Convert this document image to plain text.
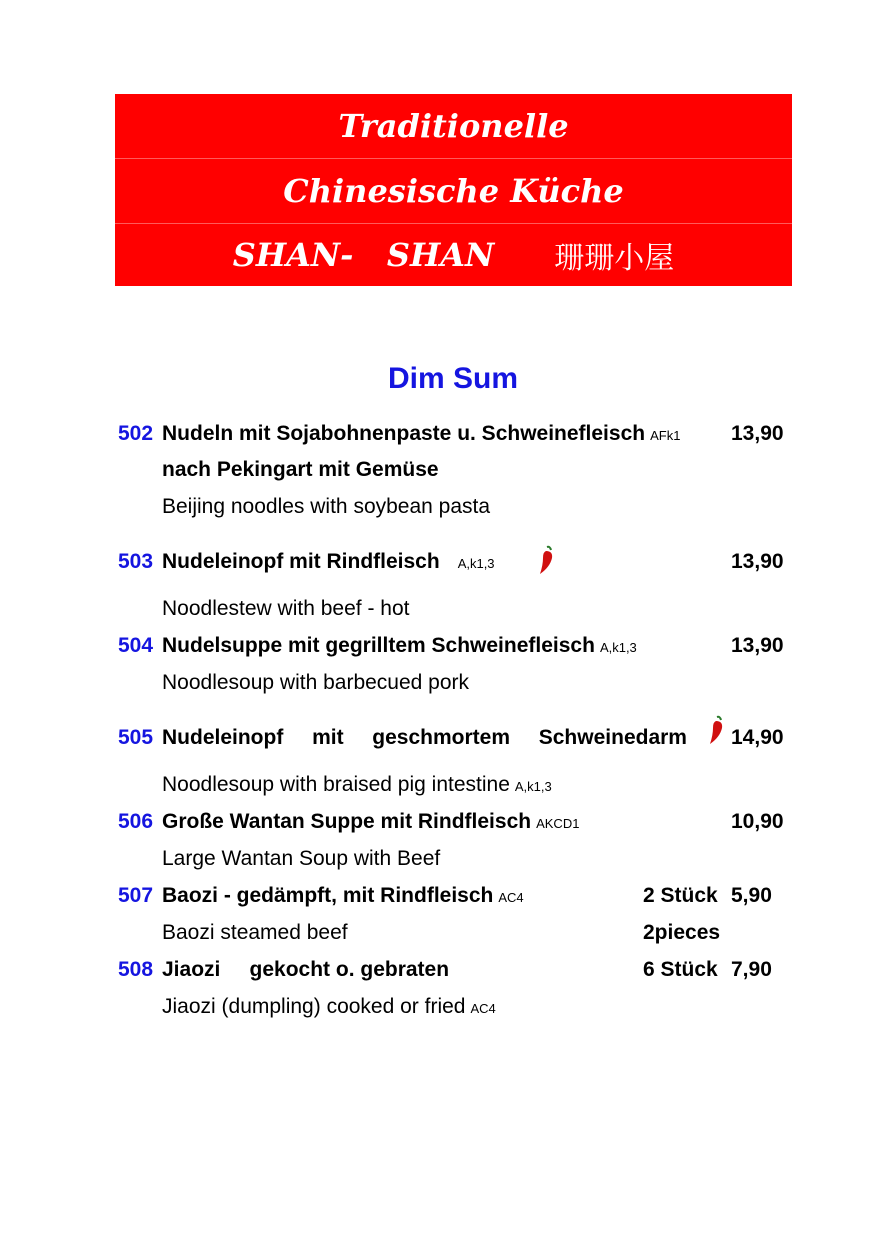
Traditionelle
Chinesische Küche
SHAN-   SHAN 珊珊小屋
Dim Sum
502 Nudeln mit Sojabohnenpaste u. Schweinefleisch AFk1 13,90
nach Pekingart mit Gemüse
Beijing noodles with soybean pasta
503 Nudeleinopf mit Rindfleisch A,k1,3	13,90
Noodlestew with beef - hot
504 Nudelsuppe mit gegrilltem Schweinefleisch A,k1,3	13,90
Noodlesoup with barbecued pork
505 Nudeleinopf mit geschmortem Schweinedarm 14,90
Noodlesoup with braised pig intestine A,k1,3
506 Große Wantan Suppe mit Rindfleisch AKCD1	10,90
Large Wantan Soup with Beef
507 Baozi - gedämpft, mit Rindfleisch AC4	2 Stück 5,90
Baozi steamed beef	2pieces
508 Jiaozi     gekocht o. gebraten	6 Stück 7,90
Jiaozi (dumpling) cooked or fried AC4
